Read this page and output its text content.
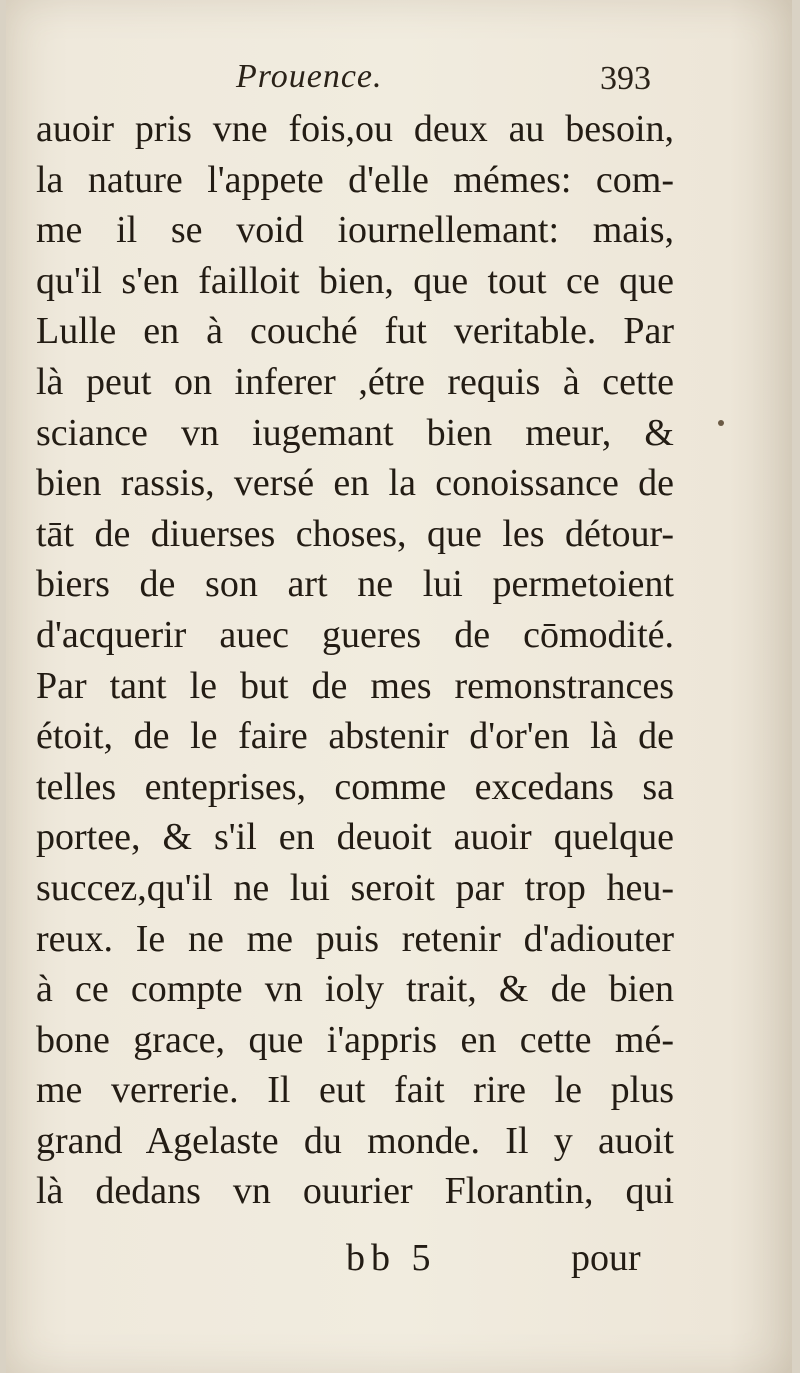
Prouence.	393
auoir pris vne fois,ou deux au besoin,
la nature l'appete d'elle mémes: com-
me il se void iournellemant: mais,
qu'il s'en failloit bien, que tout ce que
Lulle en à couché fut veritable. Par
là peut on inferer ,étre requis à cette
sciance vn iugemant bien meur, &
bien rassis, versé en la conoissance de
tāt de diuerses choses, que les détour-
biers de son art ne lui permetoient
d'acquerir auec gueres de cōmodité.
Par tant le but de mes remonstrances
étoit, de le faire abstenir d'or'en là de
telles enteprises, comme excedans sa
portee, & s'il en deuoit auoir quelque
succez,qu'il ne lui seroit par trop heu-
reux. Ie ne me puis retenir d'adiouter
à ce compte vn ioly trait, & de bien
bone grace, que i'appris en cette mé-
me verrerie. Il eut fait rire le plus
grand Agelaste du monde. Il y auoit
là dedans vn ouurier Florantin, qui
bb 5	pour
